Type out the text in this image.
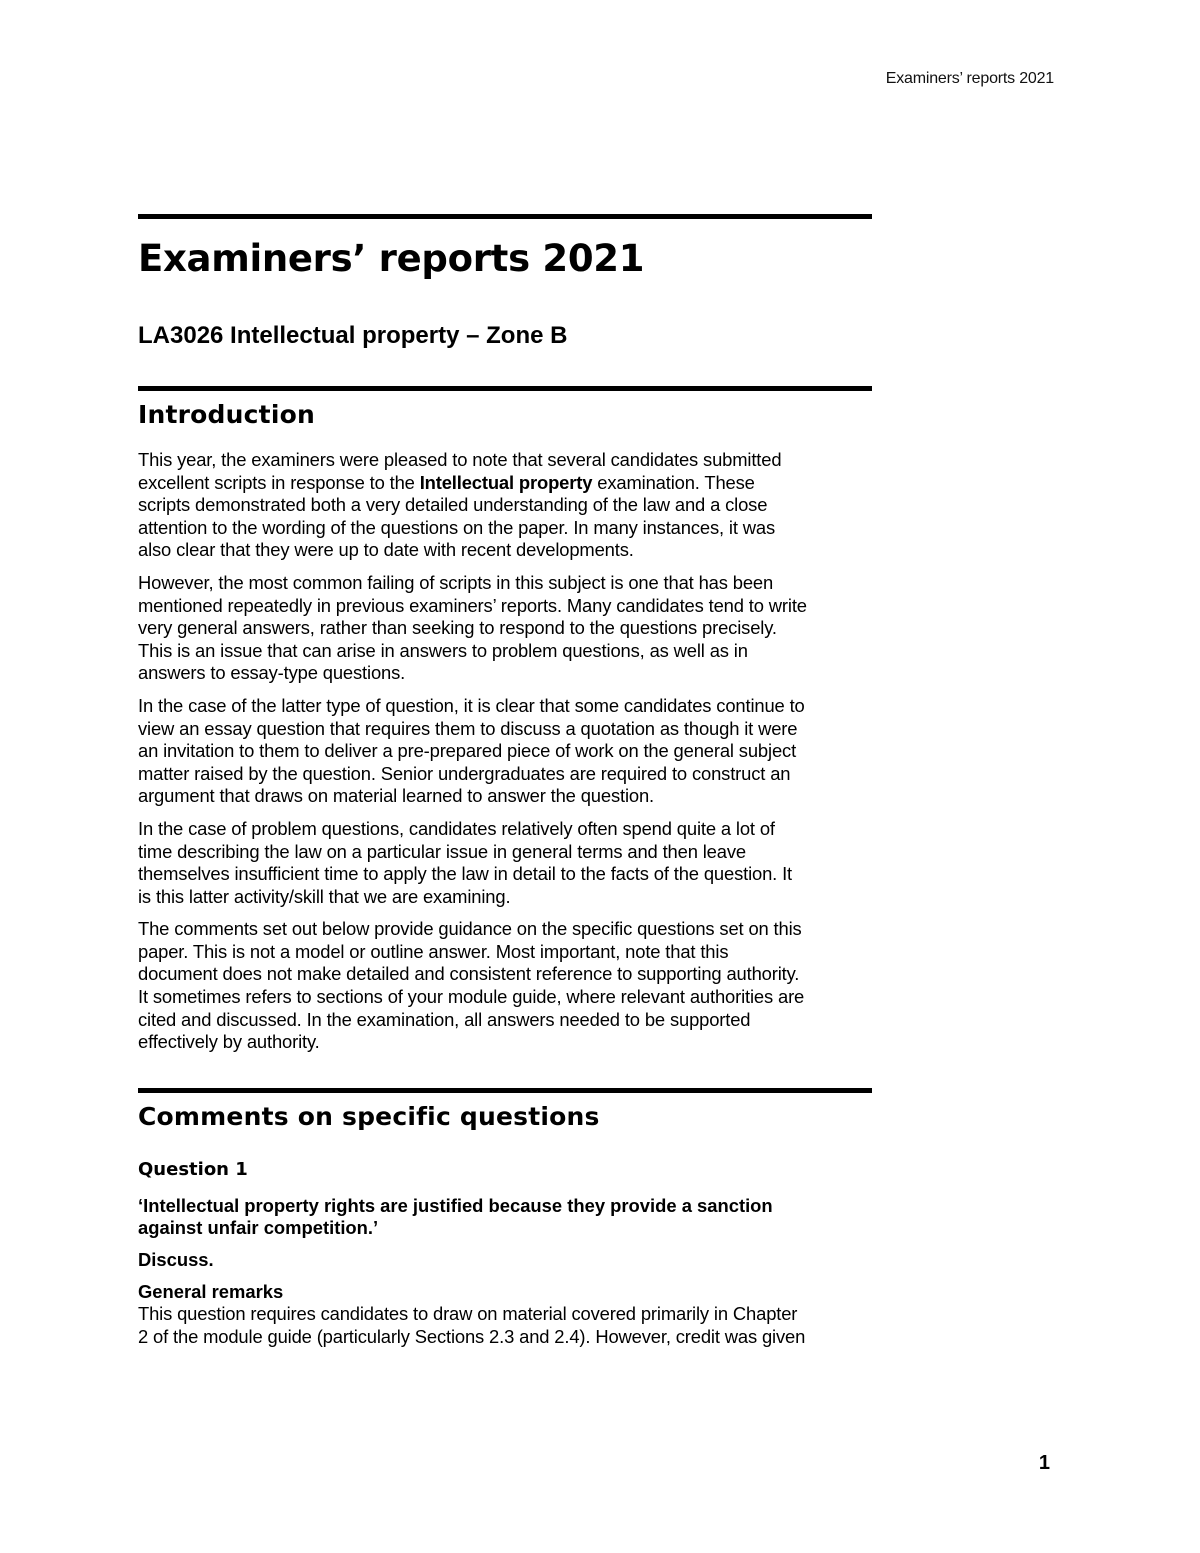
Examiners’ reports 2021
Examiners’ reports 2021
LA3026 Intellectual property – Zone B
Introduction

This year, the examiners were pleased to note that several candidates submitted
excellent scripts in response to the Intellectual property examination. These
scripts demonstrated both a very detailed understanding of the law and a close
attention to the wording of the questions on the paper. In many instances, it was
also clear that they were up to date with recent developments.

However, the most common failing of scripts in this subject is one that has been
mentioned repeatedly in previous examiners’ reports. Many candidates tend to write
very general answers, rather than seeking to respond to the questions precisely.
This is an issue that can arise in answers to problem questions, as well as in
answers to essay-type questions.

In the case of the latter type of question, it is clear that some candidates continue to
view an essay question that requires them to discuss a quotation as though it were
an invitation to them to deliver a pre-prepared piece of work on the general subject
matter raised by the question. Senior undergraduates are required to construct an
argument that draws on material learned to answer the question.

In the case of problem questions, candidates relatively often spend quite a lot of
time describing the law on a particular issue in general terms and then leave
themselves insufficient time to apply the law in detail to the facts of the question. It
is this latter activity/skill that we are examining.

The comments set out below provide guidance on the specific questions set on this
paper. This is not a model or outline answer. Most important, note that this
document does not make detailed and consistent reference to supporting authority.
It sometimes refers to sections of your module guide, where relevant authorities are
cited and discussed. In the examination, all answers needed to be supported
effectively by authority.

Comments on specific questions
Question 1

‘Intellectual property rights are justified because they provide a sanction
against unfair competition.’

Discuss.

General remarks

This question requires candidates to draw on material covered primarily in Chapter
2 of the module guide (particularly Sections 2.3 and 2.4). However, credit was given

1
